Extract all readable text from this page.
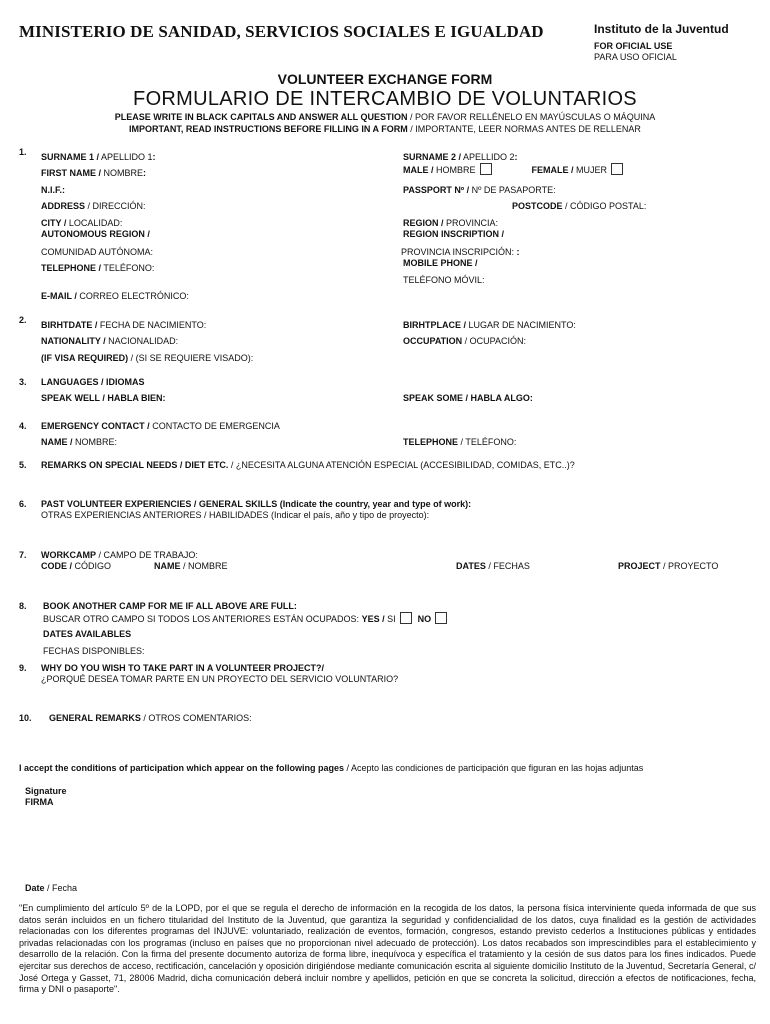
MINISTERIO DE SANIDAD, SERVICIOS SOCIALES E IGUALDAD	Instituto de la Juventud
FOR OFICIAL USE
PARA USO OFICIAL
VOLUNTEER EXCHANGE FORM
FORMULARIO DE INTERCAMBIO DE VOLUNTARIOS
PLEASE WRITE IN BLACK CAPITALS AND ANSWER ALL QUESTION / POR FAVOR RELLÉNELO EN MAYÚSCULAS O MÁQUINA
IMPORTANT, READ INSTRUCTIONS BEFORE FILLING IN A FORM / IMPORTANTE, LEER NORMAS ANTES DE RELLENAR
1. SURNAME 1 / APELLIDO 1:	SURNAME 2 / APELLIDO 2:
MALE / HOMBRE	FEMALE / MUJER
FIRST NAME / NOMBRE:
N.I.F.:	PASSPORT Nº / Nº DE PASAPORTE:
ADDRESS / DIRECCIÓN:	POSTCODE / CÓDIGO POSTAL:
CITY / LOCALIDAD:	REGION / PROVINCIA:
AUTONOMOUS REGION /	REGION INSCRIPTION /
COMUNIDAD AUTÓNOMA:	PROVINCIA INSCRIPCIÓN: :
MOBILE PHONE /
TELEPHONE / TELÉFONO:
TELÉFONO MÓVIL:
E-MAIL / CORREO ELECTRÓNICO:
2. BIRHTDATE / FECHA DE NACIMIENTO:	BIRHTPLACE / LUGAR DE NACIMIENTO:
NATIONALITY / NACIONALIDAD:	OCCUPATION / OCUPACIÓN:
(IF VISA REQUIRED) / (SI SE REQUIERE VISADO):
3. LANGUAGES / IDIOMAS
SPEAK WELL / HABLA BIEN:	SPEAK SOME / HABLA ALGO:
4. EMERGENCY CONTACT / CONTACTO DE EMERGENCIA
NAME / NOMBRE:	TELEPHONE / TELÉFONO:
5. REMARKS ON SPECIAL NEEDS / DIET ETC. / ¿NECESITA ALGUNA ATENCIÓN ESPECIAL (ACCESIBILIDAD, COMIDAS, ETC..)?
6. PAST VOLUNTEER EXPERIENCIES / GENERAL SKILLS (Indicate the country, year and type of work):
OTRAS EXPERIENCIAS ANTERIORES / HABILIDADES (Indicar el país, año y tipo de proyecto):
7. WORKCAMP / CAMPO DE TRABAJO:
CODE / CÓDIGO	NAME / NOMBRE	DATES / FECHAS	PROJECT / PROYECTO
8. BOOK ANOTHER CAMP FOR ME IF ALL ABOVE ARE FULL:
BUSCAR OTRO CAMPO SI TODOS LOS ANTERIORES ESTÁN OCUPADOS: YES / SI NO
DATES AVAILABLES
FECHAS DISPONIBLES:
9. WHY DO YOU WISH TO TAKE PART IN A VOLUNTEER PROJECT?/
¿PORQUÉ DESEA TOMAR PARTE EN UN PROYECTO DEL SERVICIO VOLUNTARIO?
10. GENERAL REMARKS / OTROS COMENTARIOS:
I accept the conditions of participation which appear on the following pages / Acepto las condiciones de participación que figuran en las hojas adjuntas
Signature
FIRMA
Date / Fecha
"En cumplimiento del artículo 5º de la LOPD, por el que se regula el derecho de información en la recogida de los datos, la persona física interviniente queda informada de que sus datos serán incluidos en un fichero titularidad del Instituto de la Juventud, que garantiza la seguridad y confidencialidad de los datos, cuya finalidad es la gestión de actividades relacionadas con los diferentes programas del INJUVE: voluntariado, realización de eventos, formación, congresos, estando previsto cederlos a Instituciones públicas y entidades privadas relacionadas con los programas (incluso en países que no proporcionan nivel adecuado de protección). Los datos recabados son imprescindibles para el establecimiento y desarrollo de la relación. Con la firma del presente documento autoriza de forma libre, inequívoca y específica el tratamiento y la cesión de sus datos para los fines indicados. Puede ejercitar sus derechos de acceso, rectificación, cancelación y oposición dirigiéndose mediante comunicación escrita al siguiente domicilio Instituto de la Juventud, Secretaría General, c/ José Ortega y Gasset, 71, 28006 Madrid, dicha comunicación deberá incluir nombre y apellidos, petición en que se concreta la solicitud, dirección a efectos de notificaciones, fecha, firma y DNI o pasaporte".
